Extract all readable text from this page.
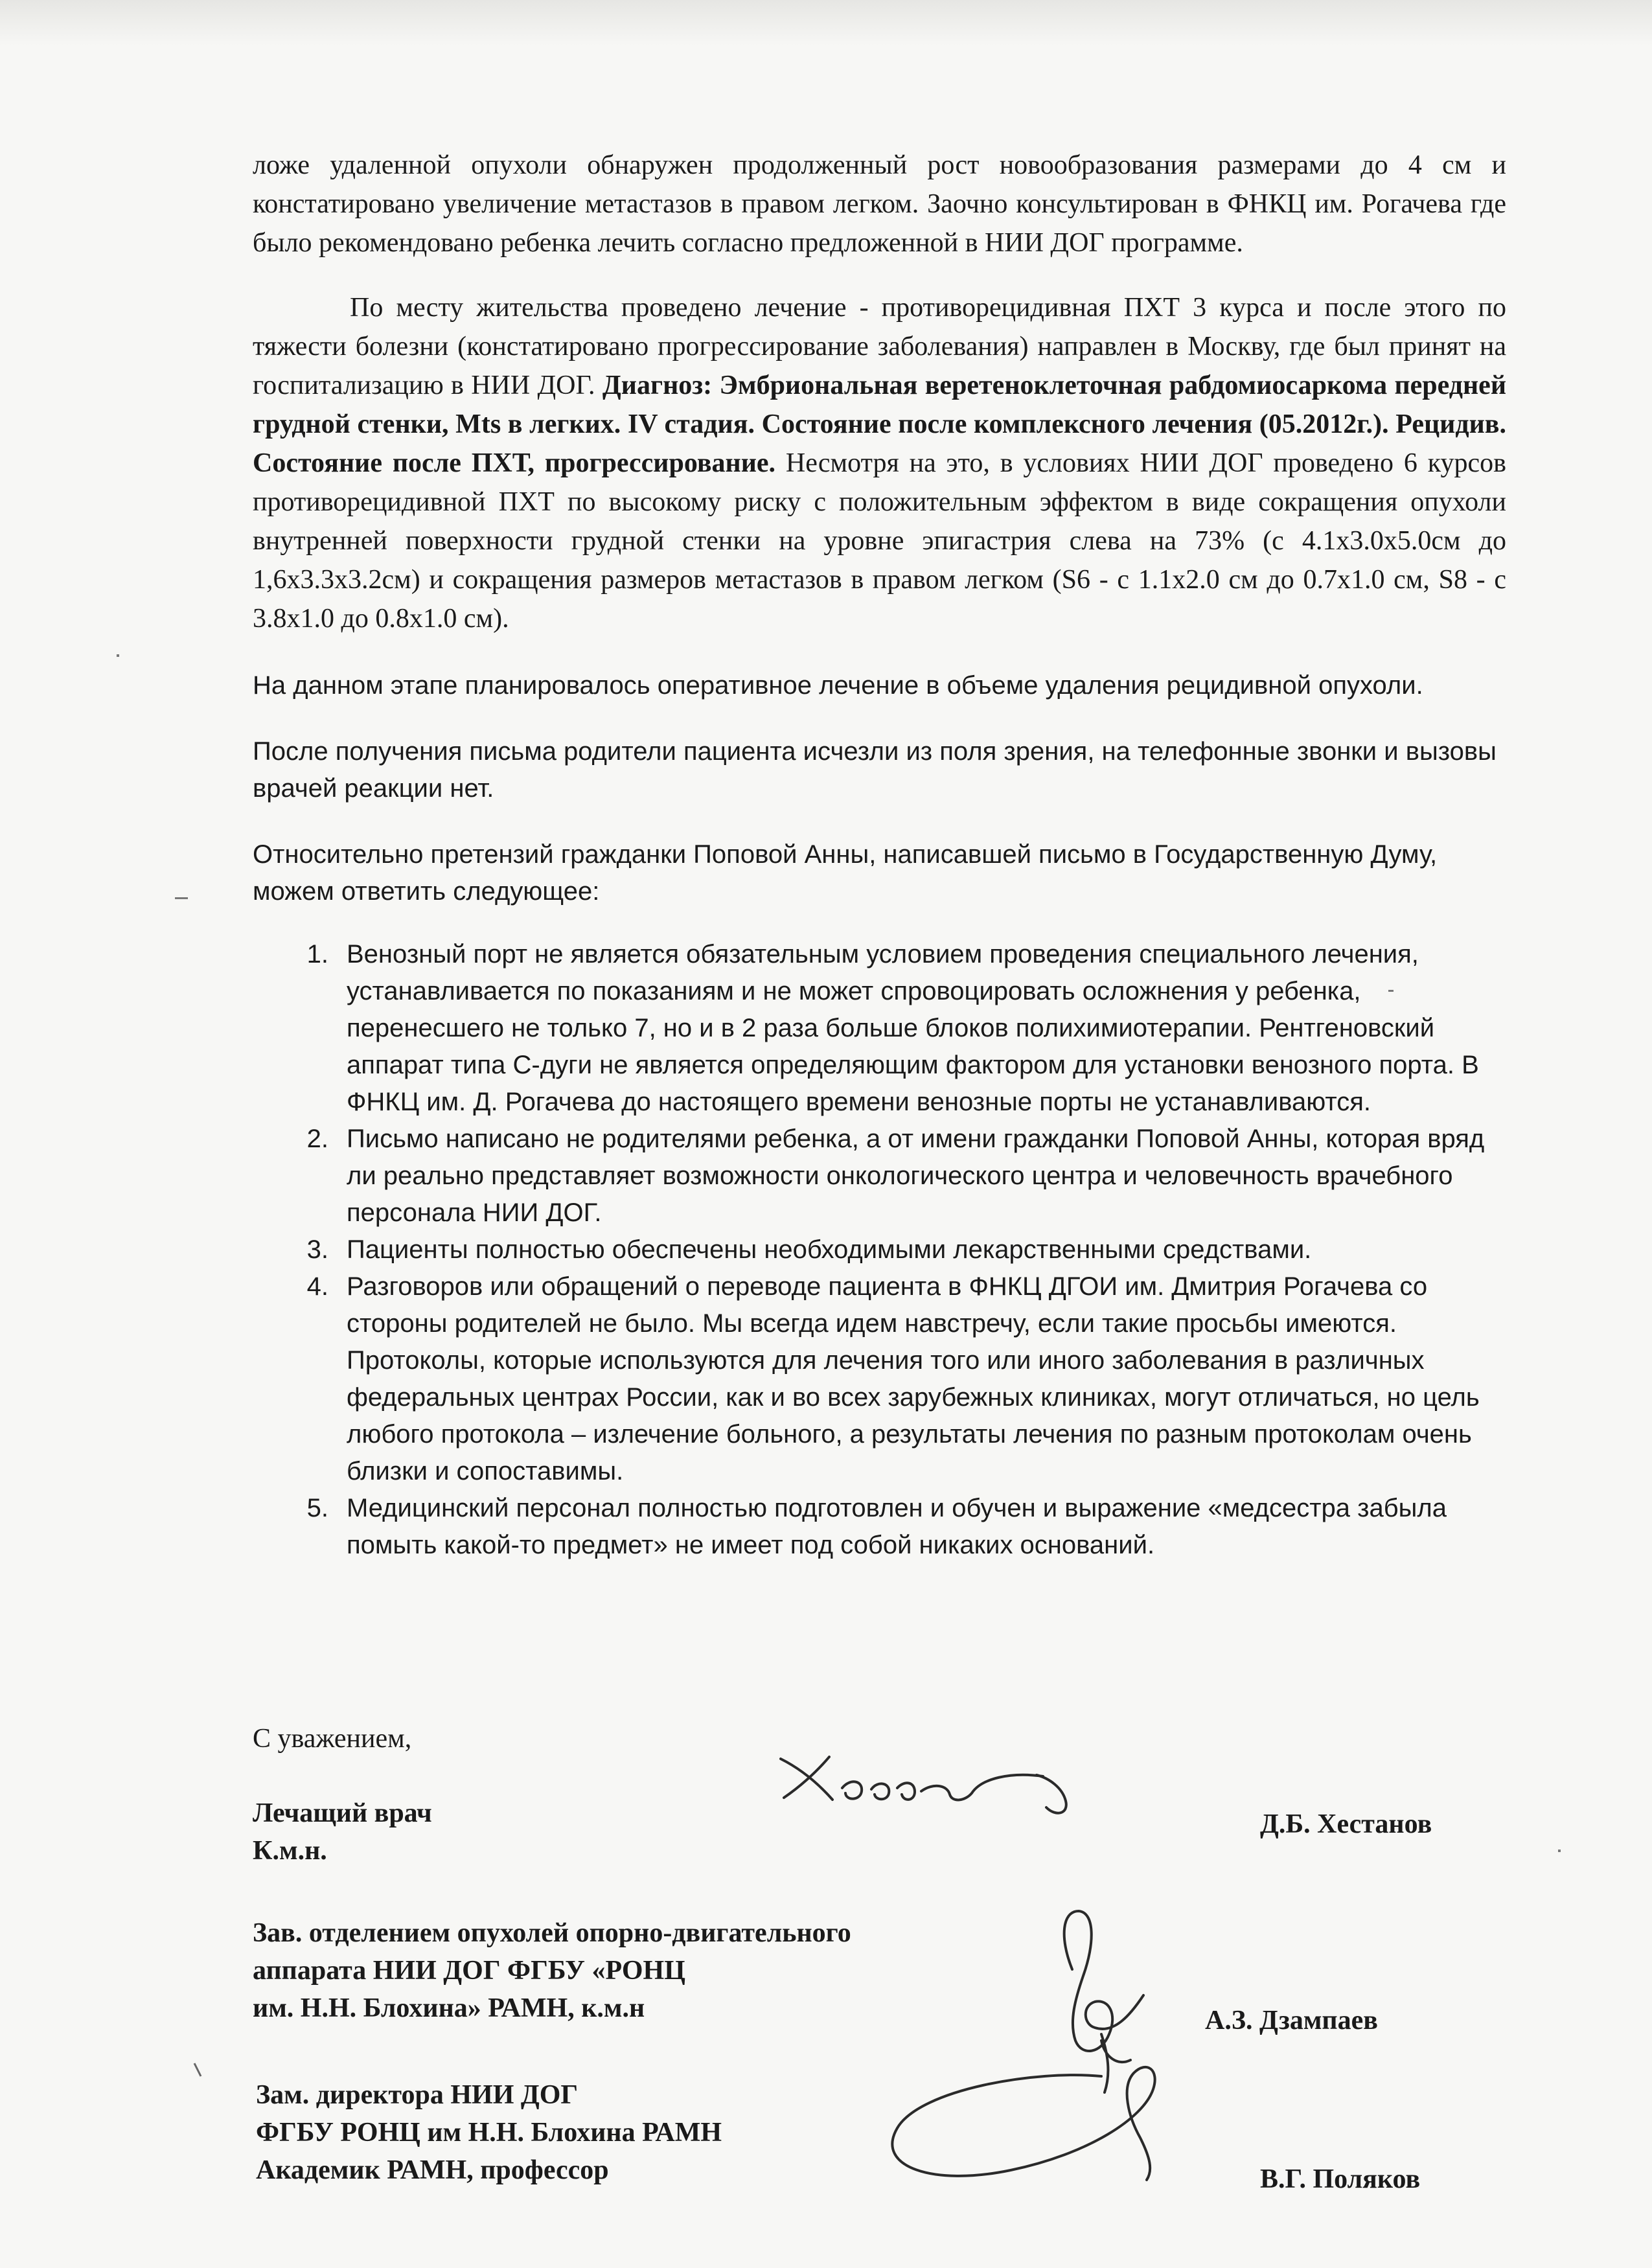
ложе удаленной опухоли обнаружен продолженный рост новообразования размерами до 4 см и констатировано увеличение метастазов в правом легком. Заочно консультирован в ФНКЦ им. Рогачева где было рекомендовано ребенка лечить согласно предложенной в НИИ ДОГ программе.

По месту жительства проведено лечение - противорецидивная ПХТ 3 курса и после этого по тяжести болезни (констатировано прогрессирование заболевания) направлен в Москву, где был принят на госпитализацию в НИИ ДОГ. Диагноз: Эмбриональная веретеноклеточная рабдомиосаркома передней грудной стенки, Mts в легких. IV стадия. Состояние после комплексного лечения (05.2012г.). Рецидив. Состояние после ПХТ, прогрессирование. Несмотря на это, в условиях НИИ ДОГ проведено 6 курсов противорецидивной ПХТ по высокому риску с положительным эффектом в виде сокращения опухоли внутренней поверхности грудной стенки на уровне эпигастрия слева на 73% (с 4.1х3.0х5.0см до 1,6х3.3х3.2см) и сокращения размеров метастазов в правом легком (S6 - с 1.1х2.0 см до 0.7х1.0 см, S8 - с 3.8х1.0 до 0.8х1.0 см).

На данном этапе планировалось оперативное лечение в объеме удаления рецидивной опухоли.

После получения письма родители пациента исчезли из поля зрения, на телефонные звонки и вызовы врачей реакции нет.

Относительно претензий гражданки Поповой Анны, написавшей письмо в Государственную Думу, можем ответить следующее:

1. Венозный порт не является обязательным условием проведения специального лечения, устанавливается по показаниям и не может спровоцировать осложнения у ребенка, перенесшего не только 7, но и в 2 раза больше блоков полихимиотерапии. Рентгеновский аппарат типа С-дуги не является определяющим фактором для установки венозного порта. В ФНКЦ им. Д. Рогачева до настоящего времени венозные порты не устанавливаются.
2. Письмо написано не родителями ребенка, а от имени гражданки Поповой Анны, которая вряд ли реально представляет возможности онкологического центра и человечность врачебного персонала НИИ ДОГ.
3. Пациенты полностью обеспечены необходимыми лекарственными средствами.
4. Разговоров или обращений о переводе пациента в ФНКЦ ДГОИ им. Дмитрия Рогачева со стороны родителей не было. Мы всегда идем навстречу, если такие просьбы имеются. Протоколы, которые используются для лечения того или иного заболевания в различных федеральных центрах России, как и во всех зарубежных клиниках, могут отличаться, но цель любого протокола – излечение больного, а результаты лечения по разным протоколам очень близки и сопоставимы.
5. Медицинский персонал полностью подготовлен и обучен и выражение «медсестра забыла помыть какой-то предмет» не имеет под собой никаких оснований.
С уважением,
Лечащий врач
К.м.н.
Д.Б. Хестанов
Зав. отделением опухолей опорно-двигательного
аппарата НИИ ДОГ ФГБУ «РОНЦ
им. Н.Н. Блохина» РАМН, к.м.н	А.З. Дзампаев
Зам. директора НИИ ДОГ
ФГБУ РОНЦ им Н.Н. Блохина РАМН
Академик РАМН, профессор	В.Г. Поляков
